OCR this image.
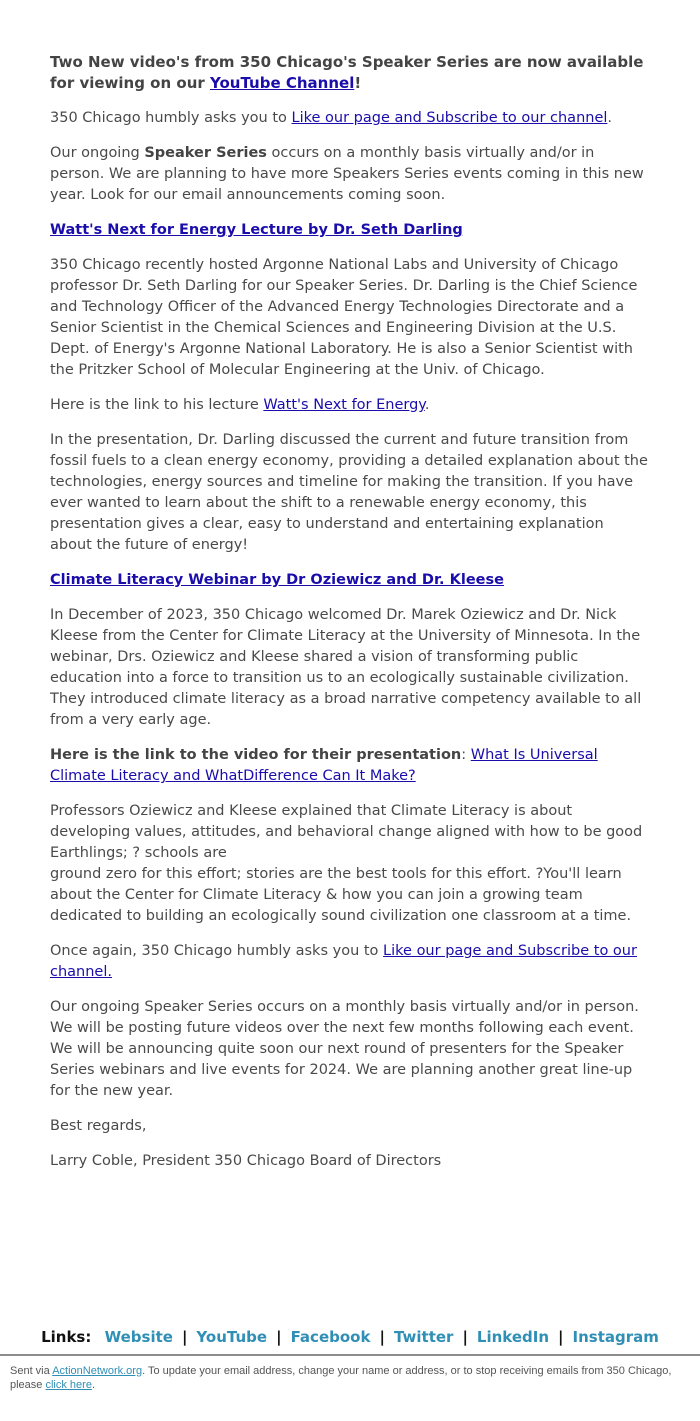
Two New video's from 350 Chicago's Speaker Series are now available for viewing on our YouTube Channel!

350 Chicago humbly asks you to Like our page and Subscribe to our channel.

Our ongoing Speaker Series occurs on a monthly basis virtually and/or in person. We are planning to have more Speakers Series events coming in this new year. Look for our email announcements coming soon.

Watt's Next for Energy Lecture by Dr. Seth Darling

350 Chicago recently hosted Argonne National Labs and University of Chicago professor Dr. Seth Darling for our Speaker Series. Dr. Darling is the Chief Science and Technology Officer of the Advanced Energy Technologies Directorate and a Senior Scientist in the Chemical Sciences and Engineering Division at the U.S. Dept. of Energy's Argonne National Laboratory. He is also a Senior Scientist with the Pritzker School of Molecular Engineering at the Univ. of Chicago.

Here is the link to his lecture Watt's Next for Energy.

In the presentation, Dr. Darling discussed the current and future transition from fossil fuels to a clean energy economy, providing a detailed explanation about the technologies, energy sources and timeline for making the transition. If you have ever wanted to learn about the shift to a renewable energy economy, this presentation gives a clear, easy to understand and entertaining explanation about the future of energy!

Climate Literacy Webinar by Dr Oziewicz and Dr. Kleese

In December of 2023, 350 Chicago welcomed Dr. Marek Oziewicz and Dr. Nick Kleese from the Center for Climate Literacy at the University of Minnesota. In the webinar, Drs. Oziewicz and Kleese shared a vision of transforming public education into a force to transition us to an ecologically sustainable civilization. They introduced climate literacy as a broad narrative competency available to all from a very early age.

Here is the link to the video for their presentation: What Is Universal Climate Literacy and WhatDifference Can It Make?

Professors Oziewicz and Kleese explained that Climate Literacy is about developing values, attitudes, and behavioral change aligned with how to be good Earthlings; ? schools are
ground zero for this effort; stories are the best tools for this effort. ?You'll learn about the Center for Climate Literacy & how you can join a growing team dedicated to building an ecologically sound civilization one classroom at a time.

Once again, 350 Chicago humbly asks you to Like our page and Subscribe to our channel.

Our ongoing Speaker Series occurs on a monthly basis virtually and/or in person. We will be posting future videos over the next few months following each event. We will be announcing quite soon our next round of presenters for the Speaker Series webinars and live events for 2024. We are planning another great line-up for the new year.

Best regards,

Larry Coble, President 350 Chicago Board of Directors

Links: Website | YouTube | Facebook | Twitter | LinkedIn | Instagram
Sent via ActionNetwork.org. To update your email address, change your name or address, or to stop receiving emails from 350 Chicago, please click here.
